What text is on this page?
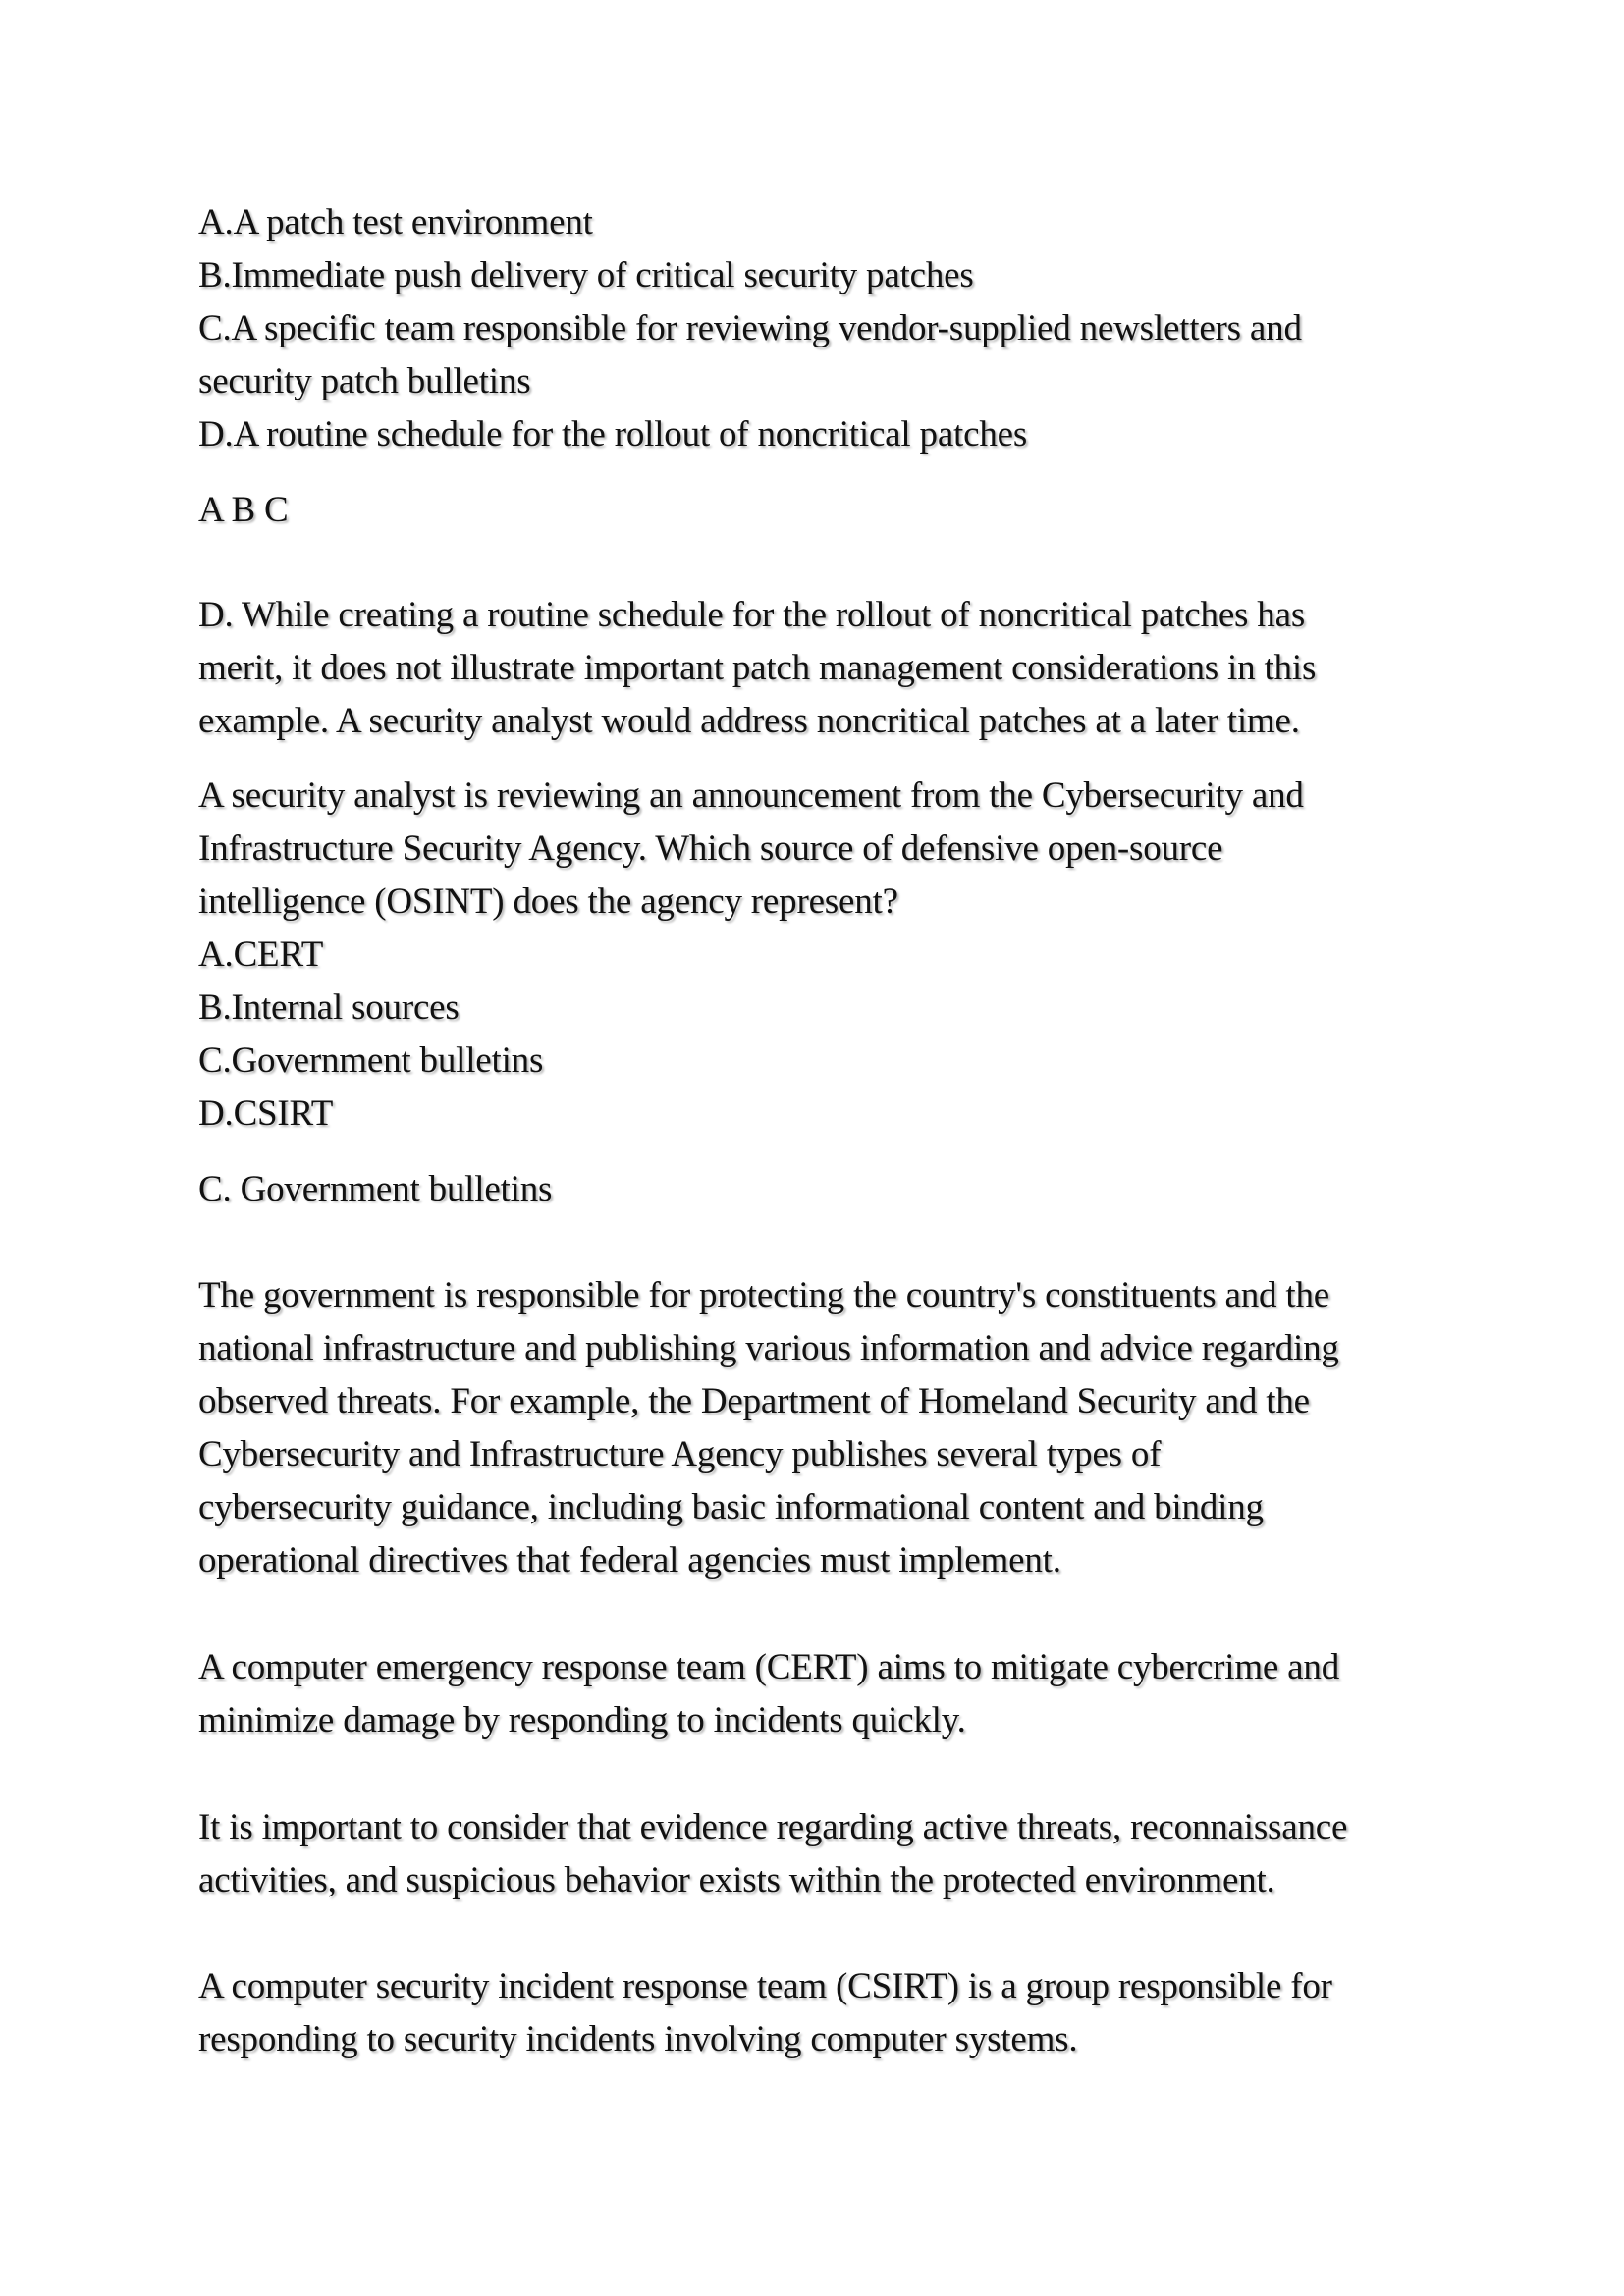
A.A patch test environment
B.Immediate push delivery of critical security patches
C.A specific team responsible for reviewing vendor-supplied newsletters and
security patch bulletins
D.A routine schedule for the rollout of noncritical patches
A B C
D. While creating a routine schedule for the rollout of noncritical patches has
merit, it does not illustrate important patch management considerations in this
example. A security analyst would address noncritical patches at a later time.
A security analyst is reviewing an announcement from the Cybersecurity and
Infrastructure Security Agency. Which source of defensive open-source
intelligence (OSINT) does the agency represent?
A.CERT
B.Internal sources
C.Government bulletins
D.CSIRT
C. Government bulletins
The government is responsible for protecting the country's constituents and the
national infrastructure and publishing various information and advice regarding
observed threats. For example, the Department of Homeland Security and the
Cybersecurity and Infrastructure Agency publishes several types of
cybersecurity guidance, including basic informational content and binding
operational directives that federal agencies must implement.
A computer emergency response team (CERT) aims to mitigate cybercrime and
minimize damage by responding to incidents quickly.
It is important to consider that evidence regarding active threats, reconnaissance
activities, and suspicious behavior exists within the protected environment.
A computer security incident response team (CSIRT) is a group responsible for
responding to security incidents involving computer systems.
